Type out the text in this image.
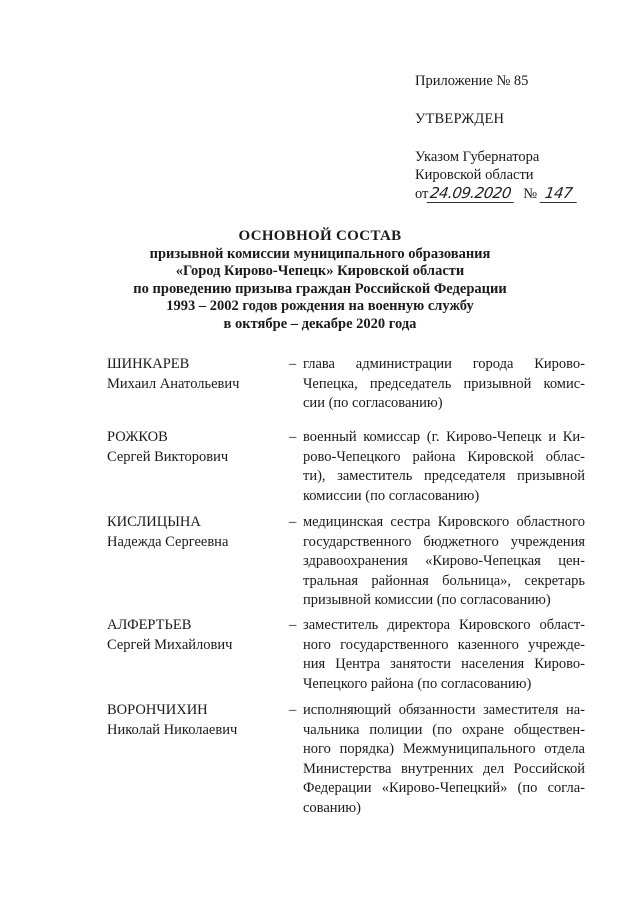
Приложение № 85
УТВЕРЖДЕН
Указом Губернатора
Кировской области
от24.09.2020 № 147
ОСНОВНОЙ СОСТАВ
призывной комиссии муниципального образования
«Город Кирово-Чепецк» Кировской области
по проведению призыва граждан Российской Федерации
1993 – 2002 годов рождения на военную службу
в октябре – декабре 2020 года
ШИНКАРЕВ
Михаил Анатольевич
– глава администрации города Кирово-
Чепецка, председатель призывной комис-
сии (по согласованию)
РОЖКОВ
Сергей Викторович
– военный комиссар (г. Кирово-Чепецк и Ки-
рово-Чепецкого района Кировской облас-
ти), заместитель председателя призывной
комиссии (по согласованию)
КИСЛИЦЫНА
Надежда Сергеевна
– медицинская сестра Кировского областного
государственного бюджетного учреждения
здравоохранения «Кирово-Чепецкая цен-
тральная районная больница», секретарь
призывной комиссии (по согласованию)
АЛФЕРТЬЕВ
Сергей Михайлович
– заместитель директора Кировского област-
ного государственного казенного учрежде-
ния Центра занятости населения Кирово-
Чепецкого района (по согласованию)
ВОРОНЧИХИН
Николай Николаевич
– исполняющий обязанности заместителя на-
чальника полиции (по охране обществен-
ного порядка) Межмуниципального отдела
Министерства внутренних дел Российской
Федерации «Кирово-Чепецкий» (по согла-
сованию)
